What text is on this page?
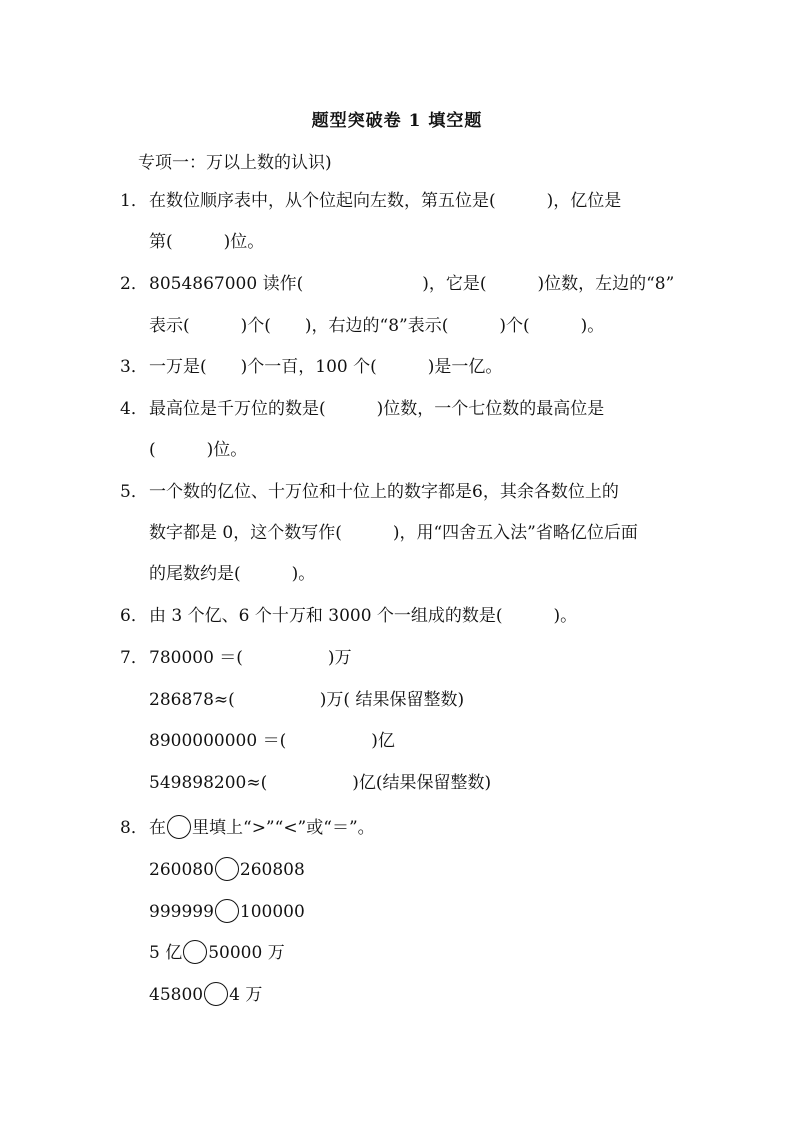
题型突破卷 1 填空题
专项一：万以上数的认识)
1．在数位顺序表中，从个位起向左数，第五位是(　　　)，亿位是
第(　　　)位。
2．8054867000 读作(　　　　　　　)，它是(　　　)位数，左边的“8”
表示(　　　)个(　　)，右边的“8”表示(　　　)个(　　　)。
3．一万是(　　)个一百，100 个(　　　)是一亿。
4．最高位是千万位的数是(　　　)位数，一个七位数的最高位是
(　　　)位。
5．一个数的亿位、十万位和十位上的数字都是6，其余各数位上的
数字都是 0，这个数写作(　　　)，用“四舍五入法”省略亿位后面
的尾数约是(　　　)。
6．由 3 个亿、6 个十万和 3000 个一组成的数是(　　　)。
7．780000 ＝(　　　　　)万
286878≈(　　　　　)万( 结果保留整数)
8900000000 ＝(　　　　　)亿
549898200≈(　　　　　)亿(结果保留整数)
8．在 里填上“>”“<”或“＝”。
260080 260808
999999 100000
5 亿 50000 万
45800 4 万
